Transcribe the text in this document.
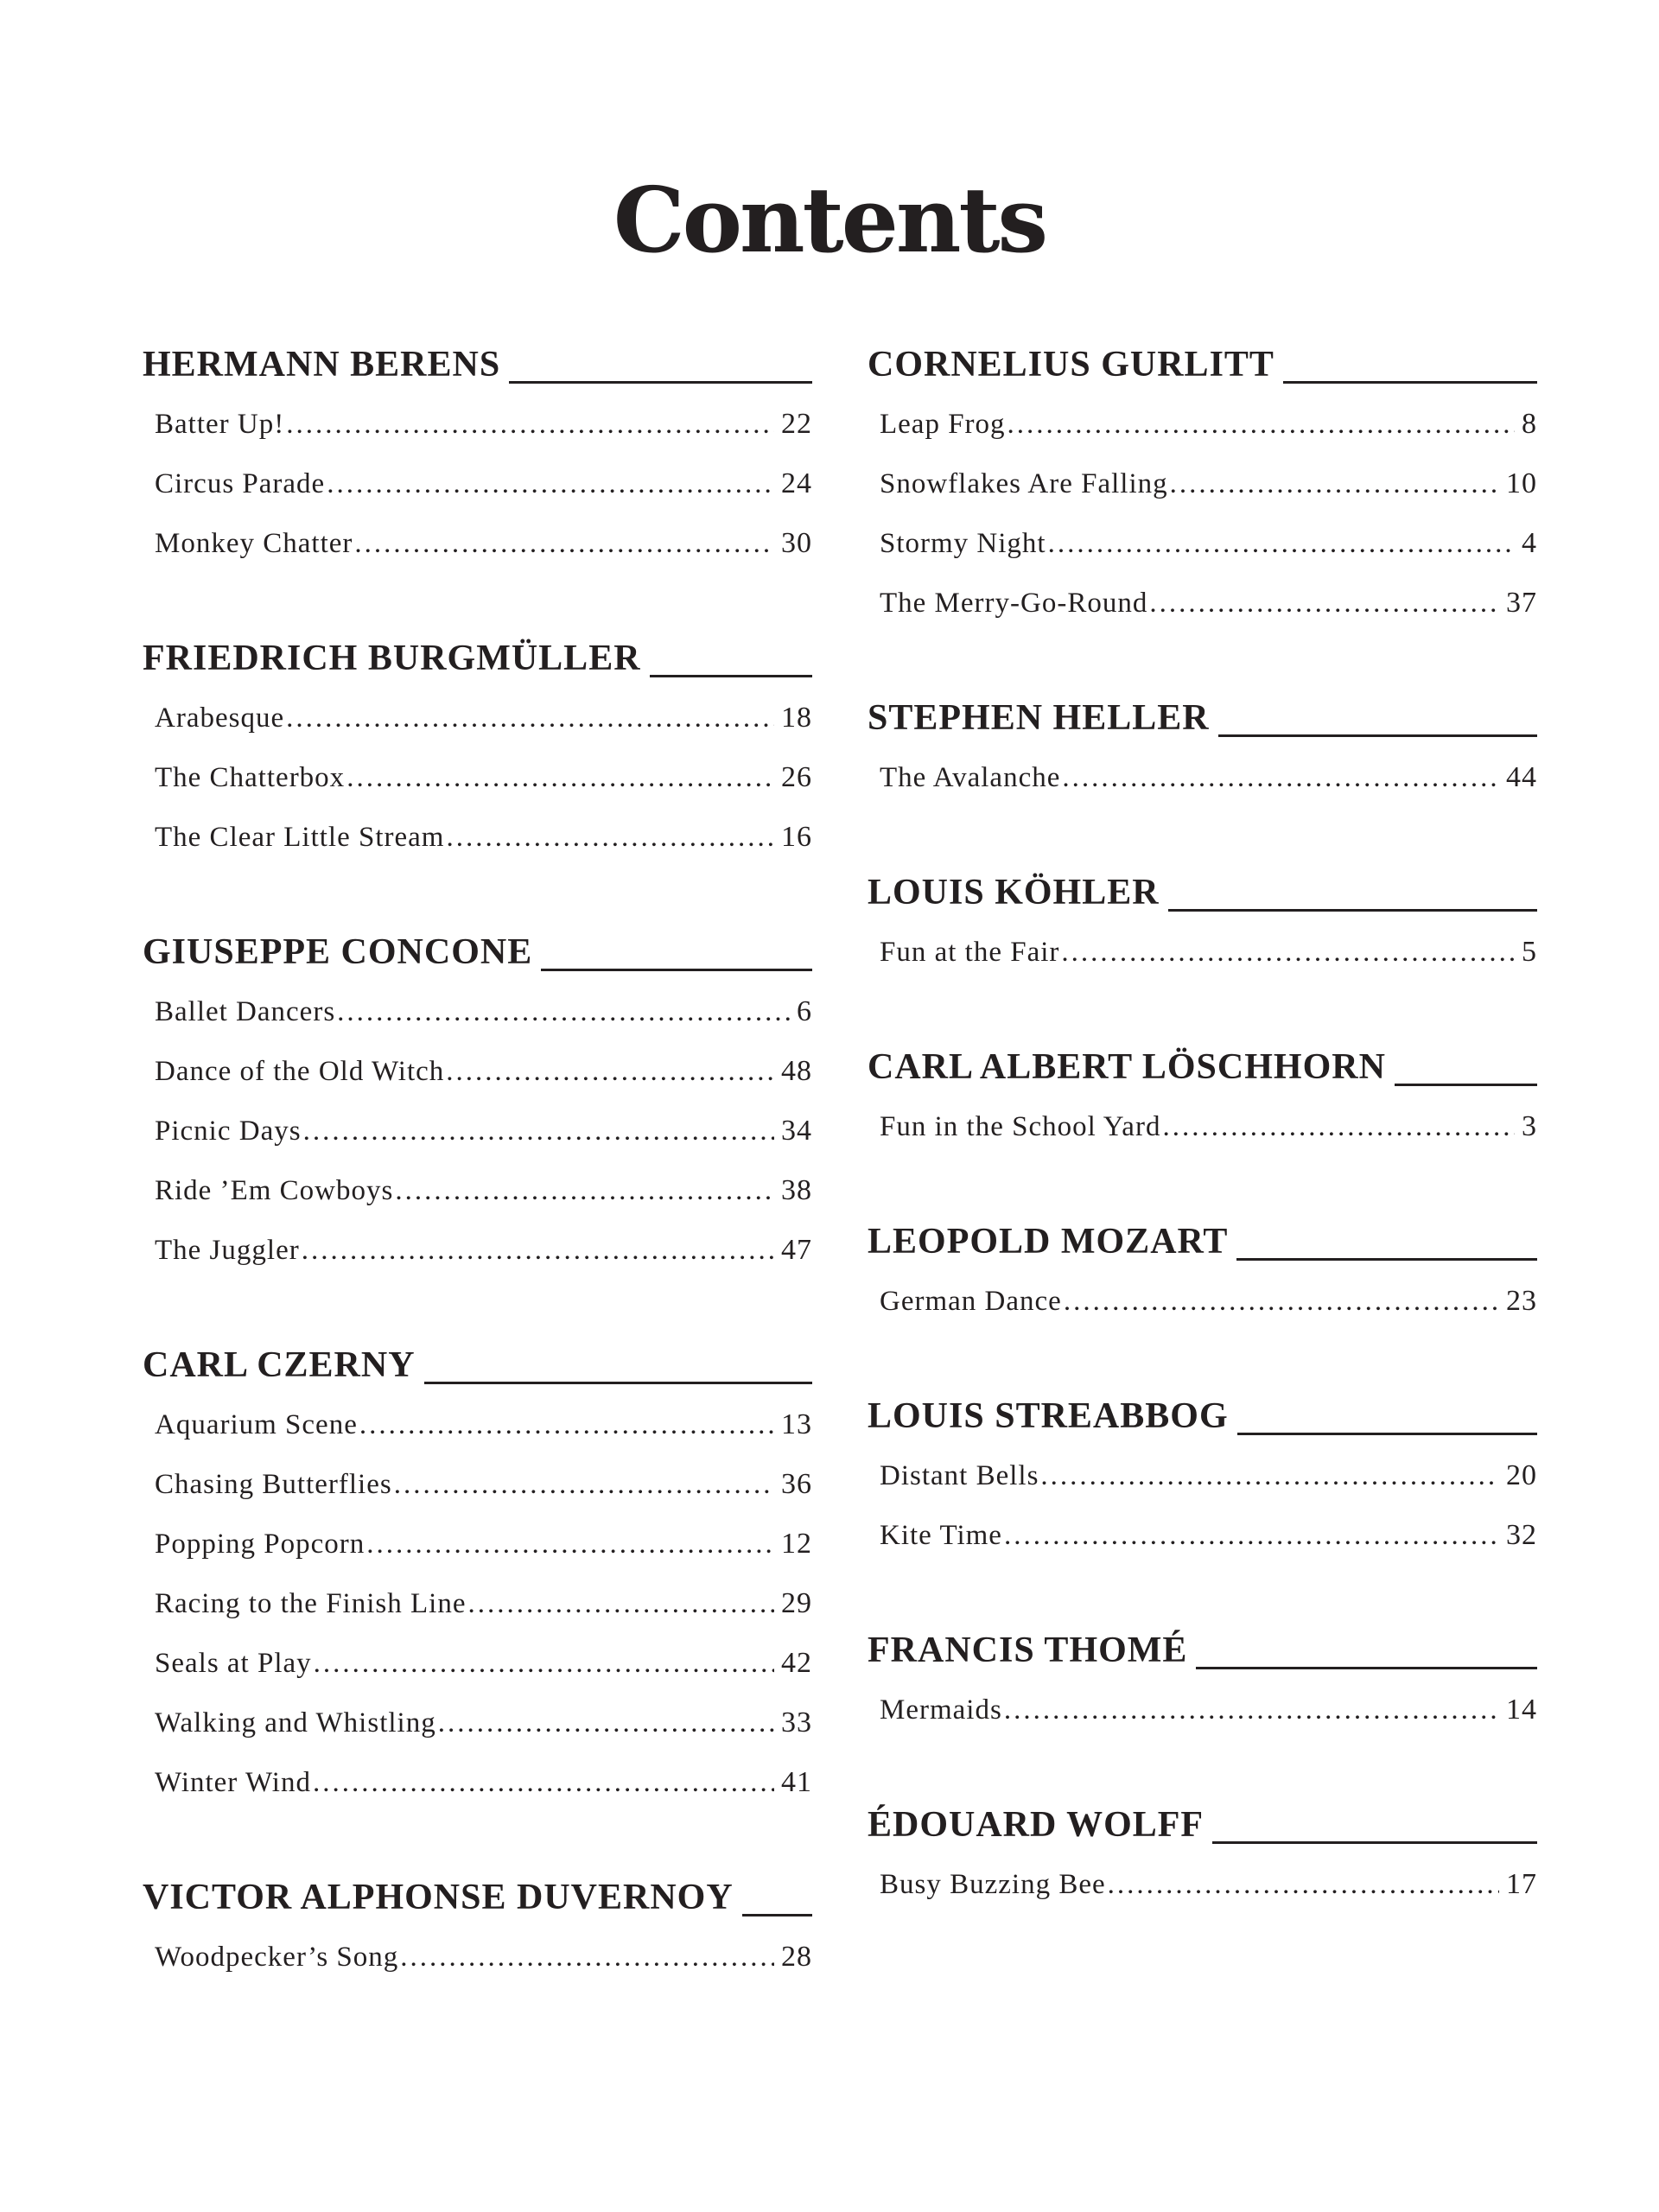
Contents
HERMANN BERENS
Batter Up! .....	22
Circus Parade .....	24
Monkey Chatter .....	30
FRIEDRICH BURGMÜLLER
Arabesque .....	18
The Chatterbox .....	26
The Clear Little Stream .....	16
GIUSEPPE CONCONE
Ballet Dancers .....	6
Dance of the Old Witch .....	48
Picnic Days .....	34
Ride ’Em Cowboys .....	38
The Juggler .....	47
CARL CZERNY
Aquarium Scene .....	13
Chasing Butterflies .....	36
Popping Popcorn .....	12
Racing to the Finish Line .....	29
Seals at Play .....	42
Walking and Whistling .....	33
Winter Wind .....	41
VICTOR ALPHONSE DUVERNOY
Woodpecker’s Song .....	28
CORNELIUS GURLITT
Leap Frog .....	8
Snowflakes Are Falling .....	10
Stormy Night .....	4
The Merry-Go-Round .....	37
STEPHEN HELLER
The Avalanche .....	44
LOUIS KÖHLER
Fun at the Fair .....	5
CARL ALBERT LÖSCHHORN
Fun in the School Yard .....	3
LEOPOLD MOZART
German Dance .....	23
LOUIS STREABBOG
Distant Bells .....	20
Kite Time .....	32
FRANCIS THOMÉ
Mermaids .....	14
ÉDOUARD WOLFF
Busy Buzzing Bee .....	17
